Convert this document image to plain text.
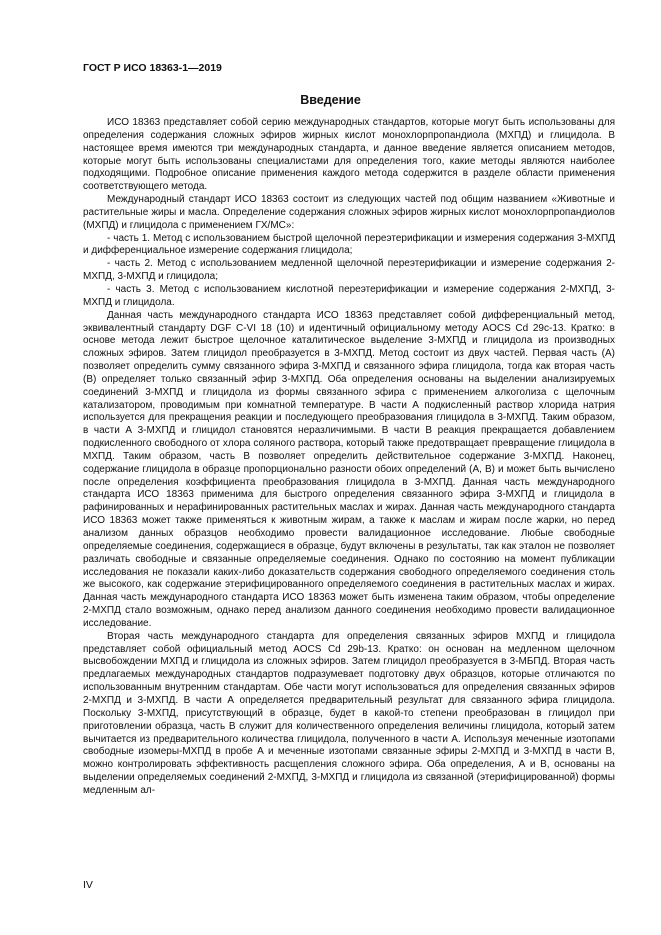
ГОСТ Р ИСО 18363-1—2019
Введение

ИСО 18363 представляет собой серию международных стандартов, которые могут быть использованы для определения содержания сложных эфиров жирных кислот монохлорпропандиола (МХПД) и глицидола. В настоящее время имеются три международных стандарта, и данное введение является описанием методов, которые могут быть использованы специалистами для определения того, какие методы являются наиболее подходящими. Подробное описание применения каждого метода содержится в разделе области применения соответствующего метода.

Международный стандарт ИСО 18363 состоит из следующих частей под общим названием «Животные и растительные жиры и масла. Определение содержания сложных эфиров жирных кислот монохлорпропандиолов (МХПД) и глицидола с применением ГХ/МС»:

- часть 1. Метод с использованием быстрой щелочной переэтерификации и измерения содержания 3-МХПД и дифференциальное измерение содержания глицидола;

- часть 2. Метод с использованием медленной щелочной переэтерификации и измерение содержания 2-МХПД, 3-МХПД и глицидола;

- часть 3. Метод с использованием кислотной переэтерификации и измерение содержания 2-МХПД, 3-МХПД и глицидола.

Данная часть международного стандарта ИСО 18363 представляет собой дифференциальный метод, эквивалентный стандарту DGF C-VI 18 (10) и идентичный официальному методу AOCS Cd 29c-13. Кратко: в основе метода лежит быстрое щелочное каталитическое выделение 3-МХПД и глицидола из производных сложных эфиров. Затем глицидол преобразуется в 3-МХПД. Метод состоит из двух частей. Первая часть (А) позволяет определить сумму связанного эфира 3-МХПД и связанного эфира глицидола, тогда как вторая часть (В) определяет только связанный эфир 3-МХПД. Оба определения основаны на выделении анализируемых соединений 3-МХПД и глицидола из формы связанного эфира с применением алкоголиза с щелочным катализатором, проводимым при комнатной температуре. В части А подкисленный раствор хлорида натрия используется для прекращения реакции и последующего преобразования глицидола в 3-МХПД. Таким образом, в части А 3-МХПД и глицидол становятся неразличимыми. В части В реакция прекращается добавлением подкисленного свободного от хлора соляного раствора, который также предотвращает превращение глицидола в МХПД. Таким образом, часть В позволяет определить действительное содержание 3-МХПД. Наконец, содержание глицидола в образце пропорционально разности обоих определений (А, В) и может быть вычислено после определения коэффициента преобразования глицидола в 3-МХПД. Данная часть международного стандарта ИСО 18363 применима для быстрого определения связанного эфира 3-МХПД и глицидола в рафинированных и нерафинированных растительных маслах и жирах. Данная часть международного стандарта ИСО 18363 может также применяться к животным жирам, а также к маслам и жирам после жарки, но перед анализом данных образцов необходимо провести валидационное исследование. Любые свободные определяемые соединения, содержащиеся в образце, будут включены в результаты, так как эталон не позволяет различать свободные и связанные определяемые соединения. Однако по состоянию на момент публикации исследования не показали каких-либо доказательств содержания свободного определяемого соединения столь же высокого, как содержание этерифицированного определяемого соединения в растительных маслах и жирах. Данная часть международного стандарта ИСО 18363 может быть изменена таким образом, чтобы определение 2-МХПД стало возможным, однако перед анализом данного соединения необходимо провести валидационное исследование.

Вторая часть международного стандарта для определения связанных эфиров МХПД и глицидола представляет собой официальный метод AOCS Cd 29b-13. Кратко: он основан на медленном щелочном высвобождении МХПД и глицидола из сложных эфиров. Затем глицидол преобразуется в 3-МБПД. Вторая часть предлагаемых международных стандартов подразумевает подготовку двух образцов, которые отличаются по использованным внутренним стандартам. Обе части могут использоваться для определения связанных эфиров 2-МХПД и 3-МХПД. В части А определяется предварительный результат для связанного эфира глицидола. Поскольку 3-МХПД, присутствующий в образце, будет в какой-то степени преобразован в глицидол при приготовлении образца, часть В служит для количественного определения величины глицидола, который затем вычитается из предварительного количества глицидола, полученного в части А. Используя меченные изотопами свободные изомеры-МХПД в пробе А и меченные изотопами связанные эфиры 2-МХПД и 3-МХПД в части В, можно контролировать эффективность расщепления сложного эфира. Оба определения, А и В, основаны на выделении определяемых соединений 2-МХПД, 3-МХПД и глицидола из связанной (этерифицированной) формы медленным ал-

IV
